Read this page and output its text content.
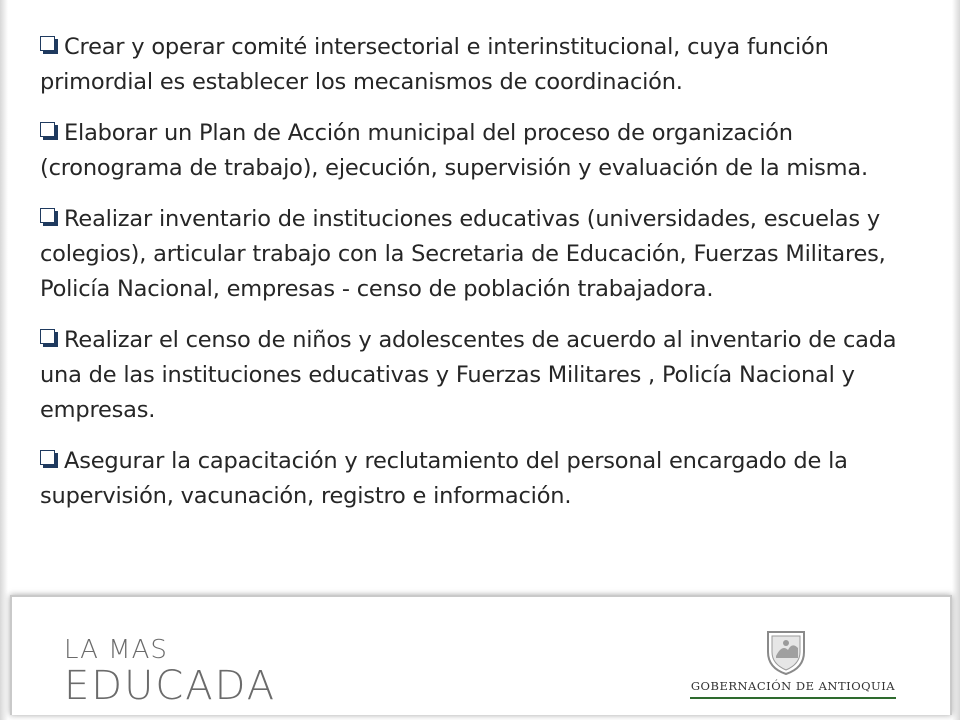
Crear y operar comité intersectorial e interinstitucional, cuya función primordial es establecer los mecanismos de coordinación.

Elaborar un Plan de Acción municipal del proceso de organización (cronograma de trabajo), ejecución, supervisión y evaluación de la misma.

Realizar inventario de instituciones educativas (universidades, escuelas y colegios), articular trabajo con la Secretaria de Educación, Fuerzas Militares, Policía Nacional, empresas - censo de población trabajadora.

Realizar el censo de niños y adolescentes de acuerdo al inventario de cada una de las instituciones educativas y Fuerzas Militares , Policía Nacional y empresas.

Asegurar la capacitación y reclutamiento del personal encargado de la supervisión, vacunación, registro e información.

LA MAS
EDUCADA	GOBERNACIÓN DE ANTIOQUIA
